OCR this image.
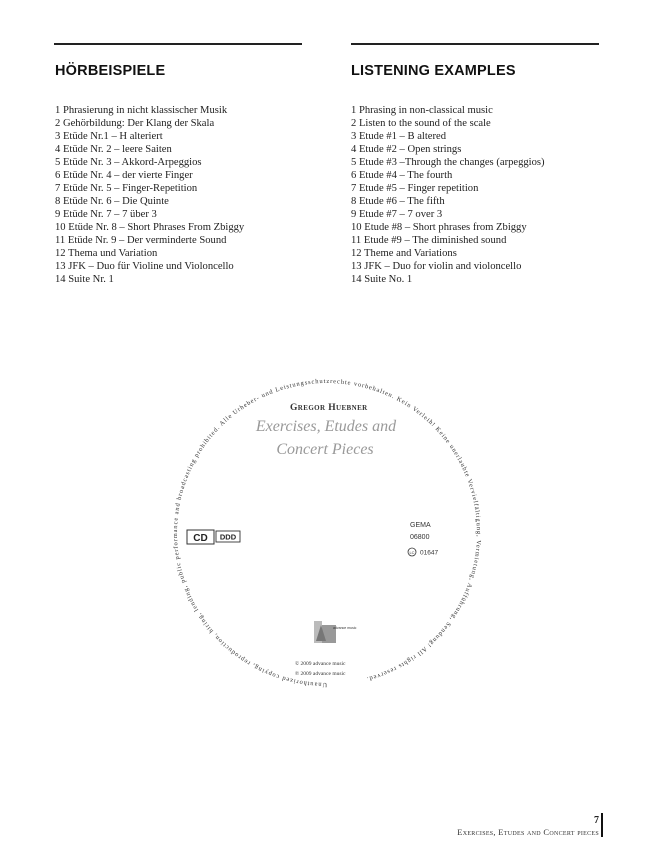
HÖRBEISPIELE	LISTENING EXAMPLES
1 Phrasierung in nicht klassischer Musik
2 Gehörbildung: Der Klang der Skala
3 Etüde Nr.1 – H alteriert
4 Etüde Nr. 2 – leere Saiten
5 Etüde Nr. 3 – Akkord-Arpeggios
6 Etüde Nr. 4 – der vierte Finger
7 Etüde Nr. 5 – Finger-Repetition
8 Etüde Nr. 6 – Die Quinte
9 Etüde Nr. 7 – 7 über 3
10 Etüde Nr. 8 – Short Phrases From Zbiggy
11 Etüde Nr. 9 – Der verminderte Sound
12 Thema und Variation
13 JFK – Duo für Violine und Violoncello
14 Suite Nr. 1
1 Phrasing in non-classical music
2 Listen to the sound of the scale
3 Etude #1 – B altered
4 Etude #2 – Open strings
5 Etude #3 –Through the changes (arpeggios)
6 Etude #4 – The fourth
7 Etude #5 – Finger repetition
8 Etude #6 – The fifth
9 Etude #7 – 7 over 3
10 Etude #8 – Short phrases from Zbiggy
11 Etude #9 – The diminished sound
12 Theme and Variations
13 JFK – Duo for violin and violoncello
14 Suite No. 1
Unauthorized copying, reproduction, hiring, lending, public performance and broadcasting prohibited. Alle Urheber- und Leistungsschutzrechte vorbehalten. Kein Verleih! Keine unerlaubte Vervielfältigung, Vermietung, Aufführung, Sendung! All rights reserved.
Gregor Huebner
Exercises, Etudes and
Concert Pieces
CD DDD
GEMA
06800
LC 01647
advance music
© 2009 advance music
℗ 2009 advance music
7
Exercises, Etudes and Concert pieces
